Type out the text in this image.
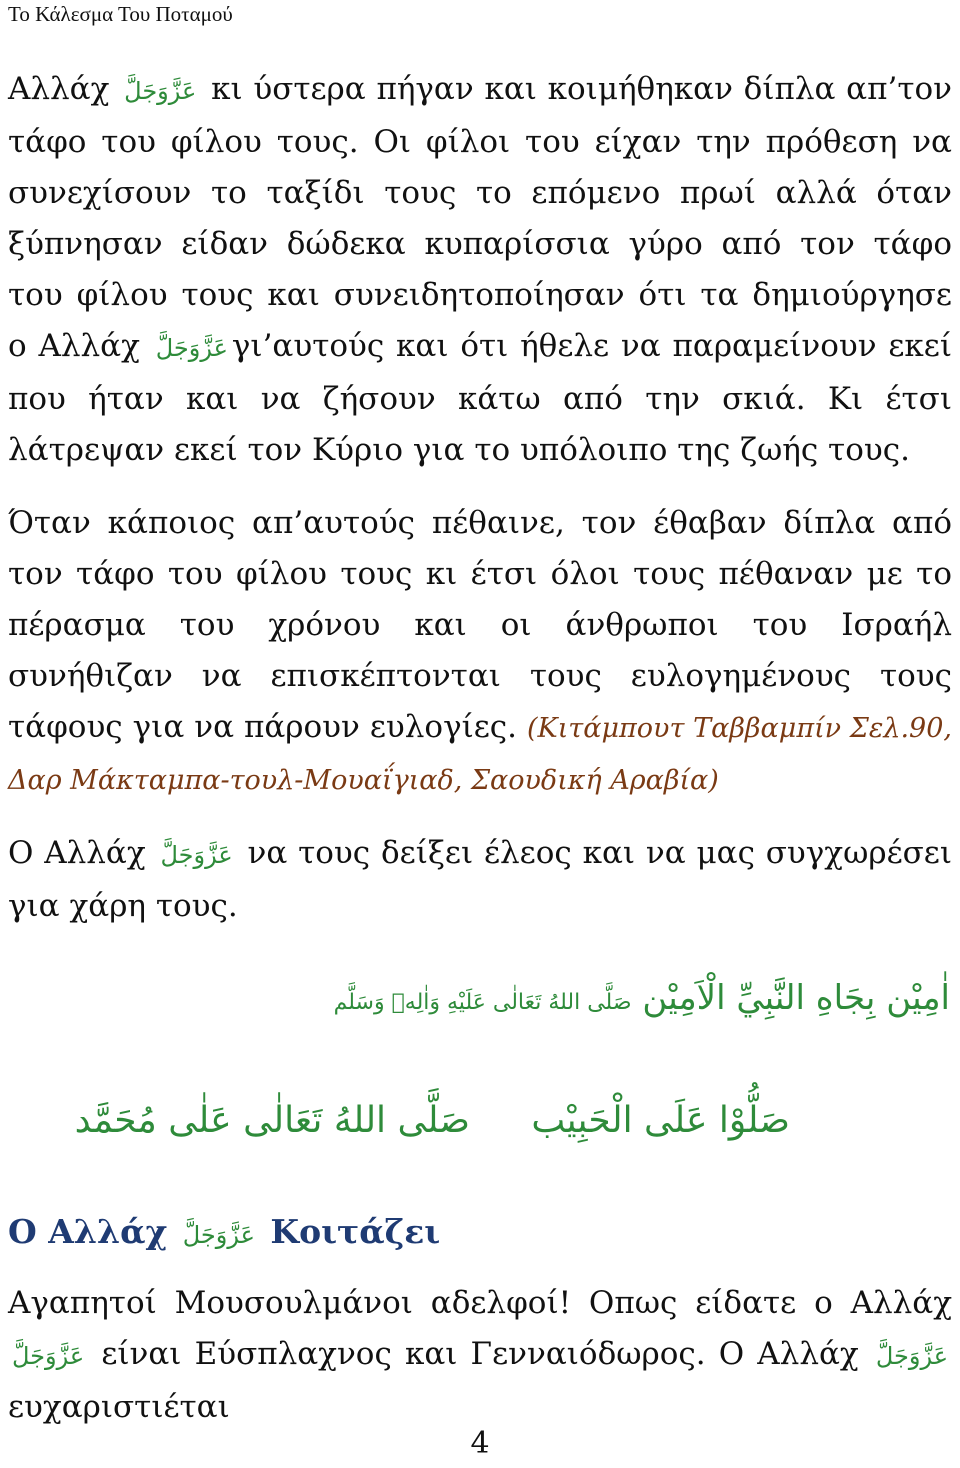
Το Κάλεσμα Του Ποταμού

Αλλάχ عَزَّوَجَلَّ κι ύστερα πήγαν και κοιμήθηκαν δίπλα απ’τον τάφο του φίλου τους. Οι φίλοι του είχαν την πρόθεση να συνεχίσουν το ταξίδι τους το επόμενο πρωί αλλά όταν ξύπνησαν είδαν δώδεκα κυπαρίσσια γύρο από τον τάφο του φίλου τους και συνειδητοποίησαν ότι τα δημιούργησε ο Αλλάχ عَزَّوَجَلَّ γι’αυτούς και ότι ήθελε να παραμείνουν εκεί που ήταν και να ζήσουν κάτω από την σκιά. Κι έτσι λάτρεψαν εκεί τον Κύριο για το υπόλοιπο της ζωής τους.

Όταν κάποιος απ’αυτούς πέθαινε, τον έθαβαν δίπλα από τον τάφο του φίλου τους κι έτσι όλοι τους πέθαναν με το πέρασμα του χρόνου και οι άνθρωποι του Ισραήλ συνήθιζαν να επισκέπτονται τους ευλογημένους τους τάφους για να πάρουν ευλογίες. (Κιτάμπουτ Ταββαμπίν Σελ.90, Δαρ Μάκταμπα-τουλ-Μουαΐγιαδ, Σαουδική Αραβία)

Ο Αλλάχ عَزَّوَجَلَّ να τους δείξει έλεος και να μας συγχωρέσει για χάρη τους.

اٰمِيْن بِجَاهِ النَّبِيِّ الْاَمِيْن صَلَّى اللهُ تَعَالٰى عَلَيْهِ وَاٰلِهٖ وَسَلَّم
صَلُّوْا عَلَى الْحَبِيْب
صَلَّى اللهُ تَعَالٰى عَلٰى مُحَمَّد
Ο Αλλάχ عَزَّوَجَلَّ Κοιτάζει

Αγαπητοί Μουσουλμάνοι αδελφοί! Οπως είδατε ο Αλλάχ عَزَّوَجَلَّ είναι Εύσπλαχνος και Γενναιόδωρος. Ο Αλλάχ عَزَّوَجَلَّ ευχαριστιέται

4
